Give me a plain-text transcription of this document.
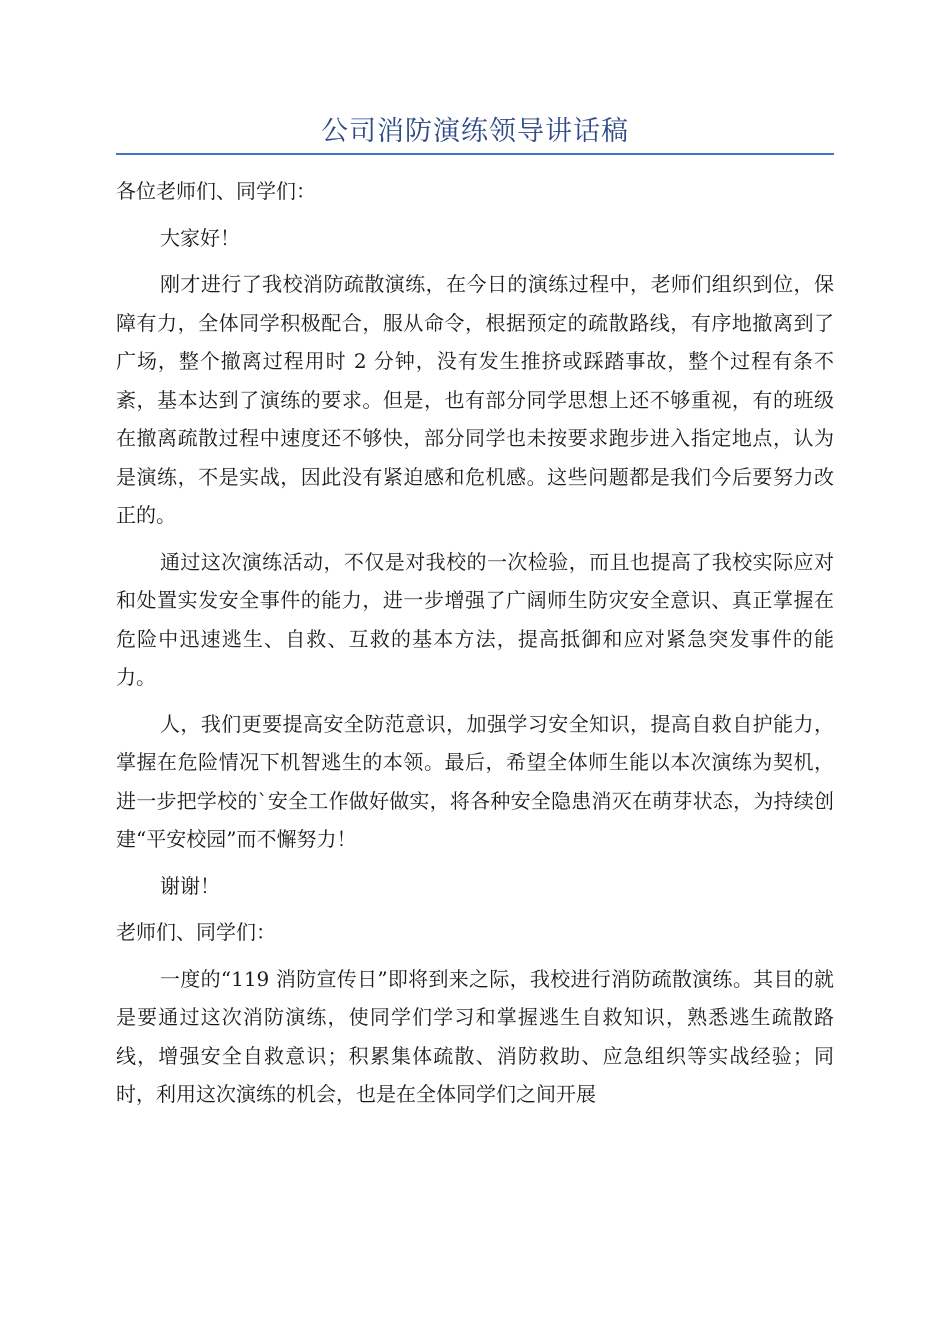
公司消防演练领导讲话稿

各位老师们、同学们：

大家好！

刚才进行了我校消防疏散演练，在今日的演练过程中，老师们组织到位，保障有力，全体同学积极配合，服从命令，根据预定的疏散路线，有序地撤离到了广场，整个撤离过程用时 2 分钟，没有发生推挤或踩踏事故，整个过程有条不紊，基本达到了演练的要求。但是，也有部分同学思想上还不够重视，有的班级在撤离疏散过程中速度还不够快，部分同学也未按要求跑步进入指定地点，认为是演练，不是实战，因此没有紧迫感和危机感。这些问题都是我们今后要努力改正的。

通过这次演练活动，不仅是对我校的一次检验，而且也提高了我校实际应对和处置实发安全事件的能力，进一步增强了广阔师生防灾安全意识、真正掌握在危险中迅速逃生、自救、互救的基本方法，提高抵御和应对紧急突发事件的能力。

人，我们更要提高安全防范意识，加强学习安全知识，提高自救自护能力，掌握在危险情况下机智逃生的本领。最后，希望全体师生能以本次演练为契机，进一步把学校的`安全工作做好做实，将各种安全隐患消灭在萌芽状态，为持续创建“平安校园”而不懈努力！

谢谢！

老师们、同学们：

一度的“119 消防宣传日”即将到来之际，我校进行消防疏散演练。其目的就是要通过这次消防演练，使同学们学习和掌握逃生自救知识，熟悉逃生疏散路线，增强安全自救意识；积累集体疏散、消防救助、应急组织等实战经验；同时，利用这次演练的机会，也是在全体同学们之间开展
